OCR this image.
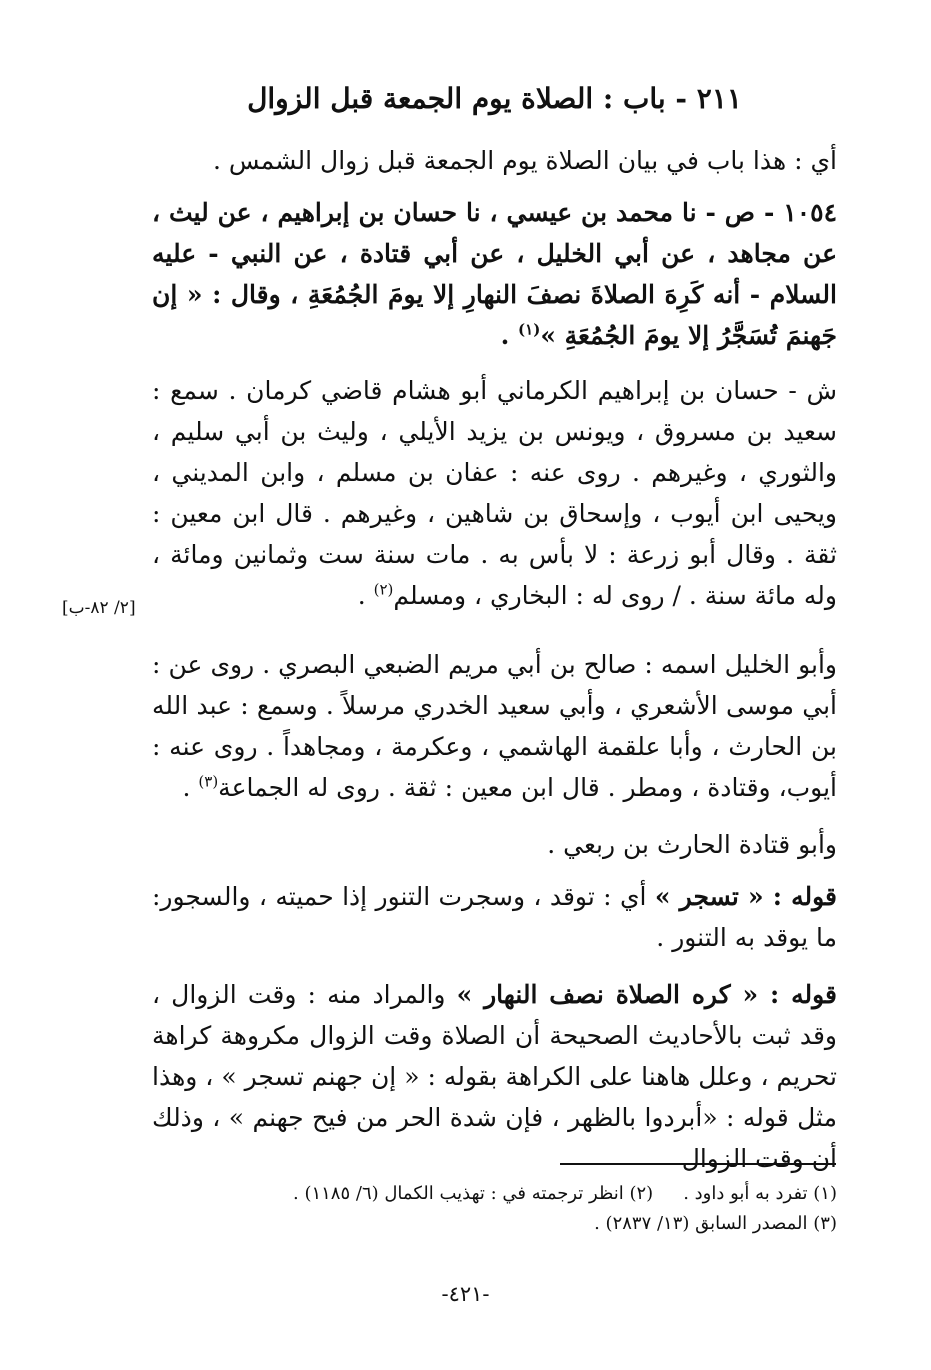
٢١١ - باب : الصلاة يوم الجمعة قبل الزوال

أي : هذا باب في بيان الصلاة يوم الجمعة قبل زوال الشمس .

١٠٥٤ - ص - نا محمد بن عيسي ، نا حسان بن إبراهيم ، عن ليث ، عن مجاهد ، عن أبي الخليل ، عن أبي قتادة ، عن النبي - عليه السلام - أنه كَرِهَ الصلاةَ نصفَ النهارِ إلا يومَ الجُمُعَةِ ، وقال : « إن جَهنمَ تُسَجَّرُ إلا يومَ الجُمُعَةِ »$^{(١)}$ .

ش - حسان بن إبراهيم الكرماني أبو هشام قاضي كرمان . سمع : سعيد بن مسروق ، ويونس بن يزيد الأيلي ، وليث بن أبي سليم ، والثوري ، وغيرهم . روى عنه : عفان بن مسلم ، وابن المديني ، ويحيى ابن أيوب ، وإسحاق بن شاهين ، وغيرهم . قال ابن معين : ثقة . وقال أبو زرعة : لا بأس به . مات سنة ست وثمانين ومائة ، وله مائة سنة . / روى له : البخاري ، ومسلم$^{(٢)}$ .

[٢/ ٨٢-ب]

وأبو الخليل اسمه : صالح بن أبي مريم الضبعي البصري . روى عن : أبي موسى الأشعري ، وأبي سعيد الخدري مرسلاً . وسمع : عبد الله بن الحارث ، وأبا علقمة الهاشمي ، وعكرمة ، ومجاهداً . روى عنه : أيوب، وقتادة ، ومطر . قال ابن معين : ثقة . روى له الجماعة$^{(٣)}$ .

وأبو قتادة الحارث بن ربعي .

قوله : « تسجر » أي : توقد ، وسجرت التنور إذا حميته ، والسجور: ما يوقد به التنور .

قوله : « كره الصلاة نصف النهار » والمراد منه : وقت الزوال ، وقد ثبت بالأحاديث الصحيحة أن الصلاة وقت الزوال مكروهة كراهة تحريم ، وعلل هاهنا على الكراهة بقوله : « إن جهنم تسجر » ، وهذا مثل قوله : «أبردوا بالظهر ، فإن شدة الحر من فيح جهنم » ، وذلك أن وقت الزوال

(١) تفرد به أبو داود .(٢) انظر ترجمته في : تهذيب الكمال (٦/ ١١٨٥) .

(٣) المصدر السابق (١٣/ ٢٨٣٧) .

-٤٢١-
